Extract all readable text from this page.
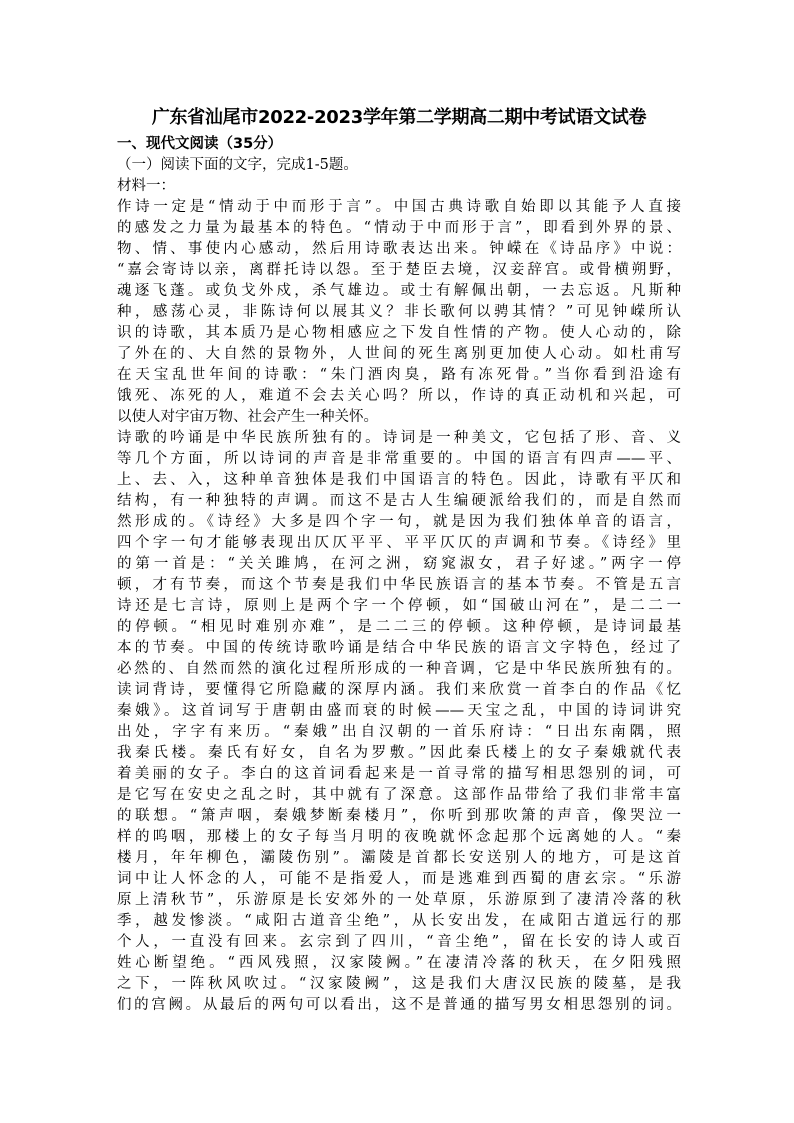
广东省汕尾市2022-2023学年第二学期高二期中考试语文试卷
一、现代文阅读（35分）
（一）阅读下面的文字，完成1-5题。
材料一：
作诗一定是“情动于中而形于言”。中国古典诗歌自始即以其能予人直接
的感发之力量为最基本的特色。“情动于中而形于言”，即看到外界的景、
物、情、事使内心感动，然后用诗歌表达出来。钟嵘在《诗品序》中说：
“嘉会寄诗以亲，离群托诗以怨。至于楚臣去境，汉妾辞宫。或骨横朔野，
魂逐飞蓬。或负戈外戍，杀气雄边。或士有解佩出朝，一去忘返。凡斯种
种，感荡心灵，非陈诗何以展其义？非长歌何以骋其情？”可见钟嵘所认
识的诗歌，其本质乃是心物相感应之下发自性情的产物。使人心动的，除
了外在的、大自然的景物外，人世间的死生离别更加使人心动。如杜甫写
在天宝乱世年间的诗歌：“朱门酒肉臭，路有冻死骨。”当你看到沿途有
饿死、冻死的人，难道不会去关心吗？所以，作诗的真正动机和兴起，可
以使人对宇宙万物、社会产生一种关怀。
诗歌的吟诵是中华民族所独有的。诗词是一种美文，它包括了形、音、义
等几个方面，所以诗词的声音是非常重要的。中国的语言有四声——平、
上、去、入，这种单音独体是我们中国语言的特色。因此，诗歌有平仄和
结构，有一种独特的声调。而这不是古人生编硬派给我们的，而是自然而
然形成的。《诗经》大多是四个字一句，就是因为我们独体单音的语言，
四个字一句才能够表现出仄仄平平、平平仄仄的声调和节奏。《诗经》里
的第一首是：“关关雎鸠，在河之洲，窈窕淑女，君子好逑。”两字一停
顿，才有节奏，而这个节奏是我们中华民族语言的基本节奏。不管是五言
诗还是七言诗，原则上是两个字一个停顿，如“国破山河在”，是二二一
的停顿。“相见时难别亦难”，是二二三的停顿。这种停顿，是诗词最基
本的节奏。中国的传统诗歌吟诵是结合中华民族的语言文字特色，经过了
必然的、自然而然的演化过程所形成的一种音调，它是中华民族所独有的。
读词背诗，要懂得它所隐藏的深厚内涵。我们来欣赏一首李白的作品《忆
秦娥》。这首词写于唐朝由盛而衰的时候——天宝之乱，中国的诗词讲究
出处，字字有来历。“秦娥”出自汉朝的一首乐府诗：“日出东南隅，照
我秦氏楼。秦氏有好女，自名为罗敷。”因此秦氏楼上的女子秦娥就代表
着美丽的女子。李白的这首词看起来是一首寻常的描写相思怨别的词，可
是它写在安史之乱之时，其中就有了深意。这部作品带给了我们非常丰富
的联想。“箫声咽，秦娥梦断秦楼月”，你听到那吹箫的声音，像哭泣一
样的呜咽，那楼上的女子每当月明的夜晚就怀念起那个远离她的人。“秦
楼月，年年柳色，灞陵伤别”。灞陵是首都长安送别人的地方，可是这首
词中让人怀念的人，可能不是指爱人，而是逃难到西蜀的唐玄宗。“乐游
原上清秋节”，乐游原是长安郊外的一处草原，乐游原到了凄清冷落的秋
季，越发惨淡。“咸阳古道音尘绝”，从长安出发，在咸阳古道远行的那
个人，一直没有回来。玄宗到了四川，“音尘绝”，留在长安的诗人或百
姓心断望绝。“西风残照，汉家陵阙。”在凄清冷落的秋天，在夕阳残照
之下，一阵秋风吹过。“汉家陵阙”，这是我们大唐汉民族的陵墓，是我
们的宫阙。从最后的两句可以看出，这不是普通的描写男女相思怨别的词。
